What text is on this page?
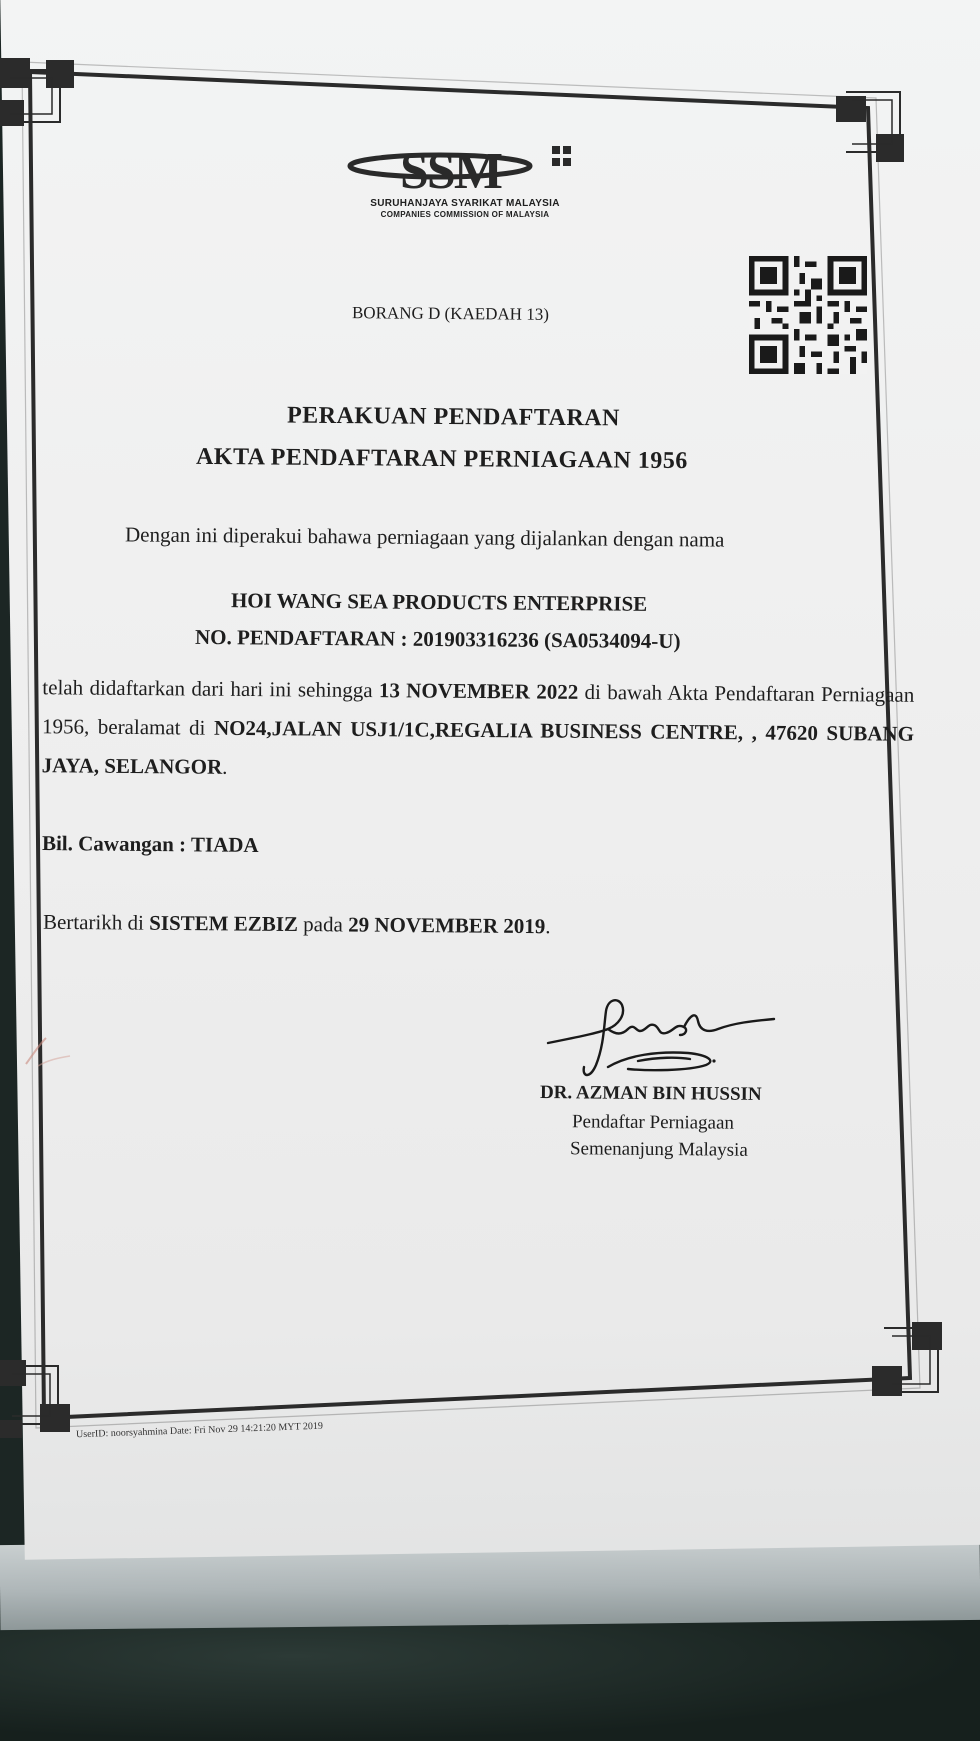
SSM
SURUHANJAYA SYARIKAT MALAYSIA
COMPANIES COMMISSION OF MALAYSIA
BORANG D (KAEDAH 13)
PERAKUAN PENDAFTARAN
AKTA PENDAFTARAN PERNIAGAAN 1956
Dengan ini diperakui bahawa perniagaan yang dijalankan dengan nama
HOI WANG SEA PRODUCTS ENTERPRISE
NO. PENDAFTARAN : 201903316236 (SA0534094-U)
telah didaftarkan dari hari ini sehingga 13 NOVEMBER 2022 di bawah Akta Pendaftaran Perniagaan 1956, beralamat di NO24,JALAN USJ1/1C,REGALIA BUSINESS CENTRE, , 47620 SUBANG JAYA, SELANGOR.
Bil. Cawangan : TIADA
Bertarikh di SISTEM EZBIZ pada 29 NOVEMBER 2019.
DR. AZMAN BIN HUSSIN
Pendaftar Perniagaan
Semenanjung Malaysia
UserID: noorsyahmina Date: Fri Nov 29 14:21:20 MYT 2019
